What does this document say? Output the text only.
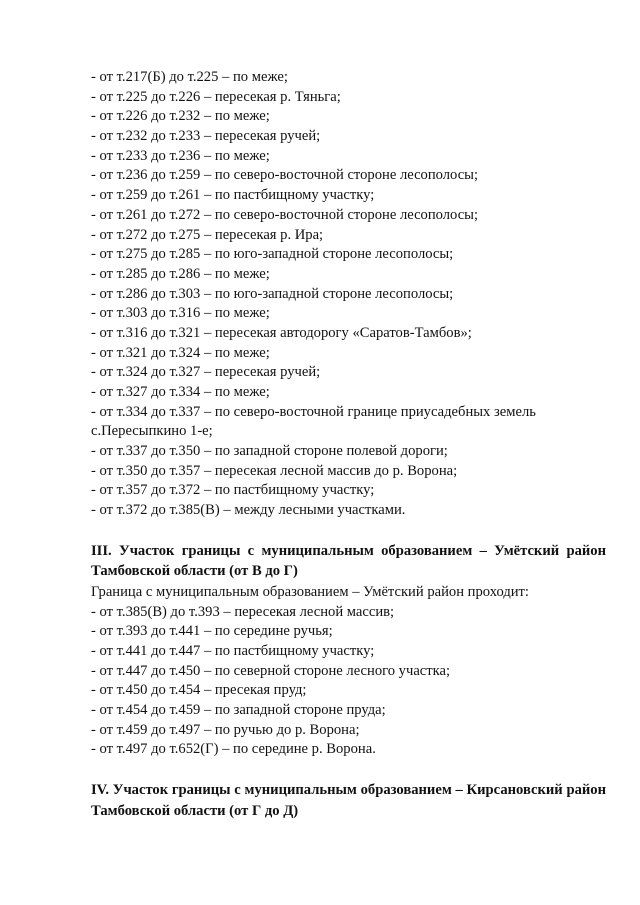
- от т.217(Б) до т.225 – по меже;
- от т.225 до т.226 – пересекая р. Тяньга;
- от т.226 до т.232 – по меже;
- от т.232 до т.233 – пересекая ручей;
- от т.233 до т.236 – по меже;
- от т.236 до т.259 – по северо-восточной стороне лесополосы;
- от т.259 до т.261 – по пастбищному участку;
- от т.261 до т.272 – по северо-восточной стороне лесополосы;
- от т.272 до т.275 – пересекая р. Ира;
- от т.275 до т.285 – по юго-западной стороне лесополосы;
- от т.285 до т.286 – по меже;
- от т.286 до т.303 – по юго-западной стороне лесополосы;
- от т.303 до т.316 – по меже;
- от т.316 до т.321 – пересекая автодорогу «Саратов-Тамбов»;
- от т.321 до т.324 – по меже;
- от т.324 до т.327 – пересекая ручей;
- от т.327 до т.334 – по меже;
- от т.334 до т.337 – по северо-восточной границе приусадебных земель
с.Пересыпкино 1-е;
- от т.337 до т.350 – по западной стороне полевой дороги;
- от т.350 до т.357 – пересекая лесной массив до р. Ворона;
- от т.357 до т.372 – по пастбищному участку;
- от т.372 до т.385(В) – между лесными участками.
III. Участок границы с муниципальным образованием – Умётский район Тамбовской области (от В до Г)
Граница с муниципальным образованием – Умётский район проходит:
- от т.385(В) до т.393 – пересекая лесной массив;
- от т.393 до т.441 – по середине ручья;
- от т.441 до т.447 – по пастбищному участку;
- от т.447 до т.450 – по северной стороне лесного участка;
- от т.450 до т.454 – пресекая пруд;
- от т.454 до т.459 – по западной стороне пруда;
- от т.459 до т.497 – по ручью до р. Ворона;
- от т.497 до т.652(Г) – по середине р. Ворона.
IV. Участок границы с муниципальным образованием – Кирсановский район Тамбовской области (от Г до Д)
